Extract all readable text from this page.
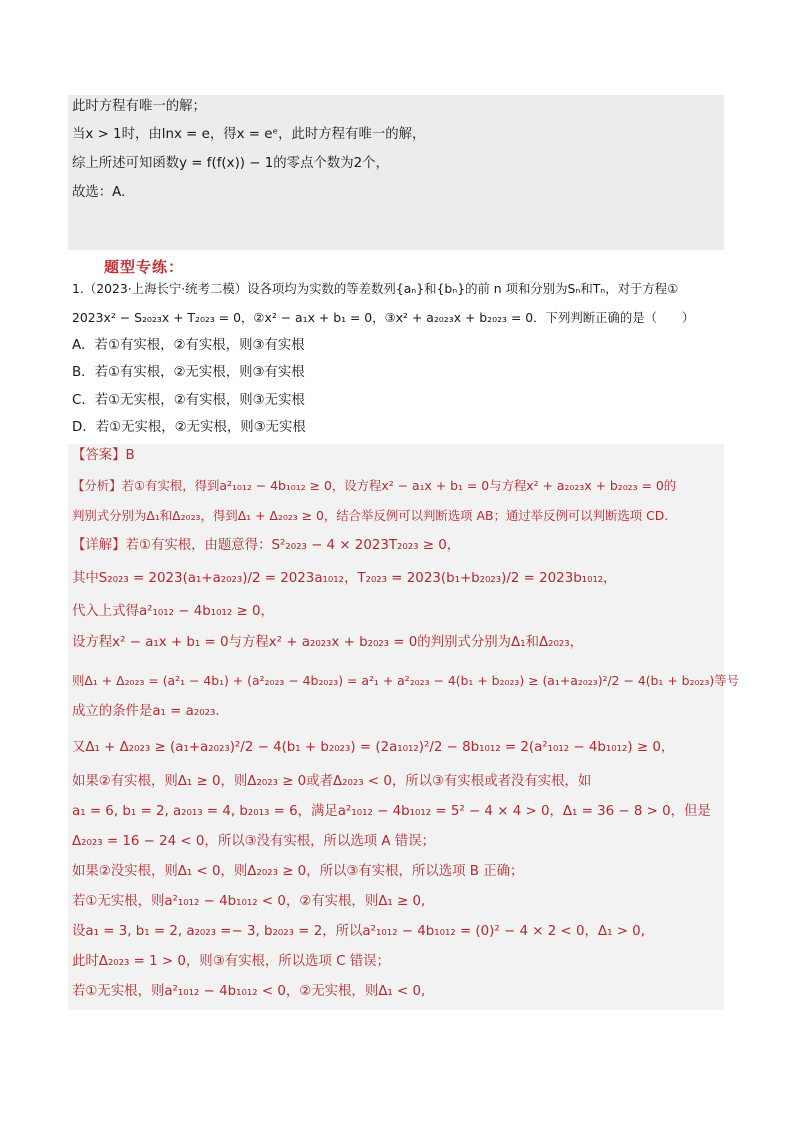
此时方程有唯一的解；
当x > 1时，由lnx = e，得x = eᵉ，此时方程有唯一的解，
综上所述可知函数y = f(f(x)) − 1的零点个数为2个，
故选：A.
题型专练：
1.（2023·上海长宁·统考二模）设各项均为实数的等差数列{aₙ}和{bₙ}的前 n 项和分别为Sₙ和Tₙ，对于方程①
2023x² − S₂₀₂₃x + T₂₀₂₃ = 0，②x² − a₁x + b₁ = 0，③x² + a₂₀₂₃x + b₂₀₂₃ = 0．下列判断正确的是（　　）
A．若①有实根，②有实根，则③有实根
B．若①有实根，②无实根，则③有实根
C．若①无实根，②有实根，则③无实根
D．若①无实根，②无实根，则③无实根
【答案】B
【分析】若①有实根，得到a²₁₀₁₂ − 4b₁₀₁₂ ≥ 0，设方程x² − a₁x + b₁ = 0与方程x² + a₂₀₂₃x + b₂₀₂₃ = 0的
判别式分别为Δ₁和Δ₂₀₂₃，得到Δ₁ + Δ₂₀₂₃ ≥ 0，结合举反例可以判断选项 AB；通过举反例可以判断选项 CD.
【详解】若①有实根，由题意得：S²₂₀₂₃ − 4 × 2023T₂₀₂₃ ≥ 0，
其中S₂₀₂₃ = 2023(a₁+a₂₀₂₃)/2 = 2023a₁₀₁₂，T₂₀₂₃ = 2023(b₁+b₂₀₂₃)/2 = 2023b₁₀₁₂，
代入上式得a²₁₀₁₂ − 4b₁₀₁₂ ≥ 0，
设方程x² − a₁x + b₁ = 0与方程x² + a₂₀₂₃x + b₂₀₂₃ = 0的判别式分别为Δ₁和Δ₂₀₂₃，
则Δ₁ + Δ₂₀₂₃ = (a²₁ − 4b₁) + (a²₂₀₂₃ − 4b₂₀₂₃) = a²₁ + a²₂₀₂₃ − 4(b₁ + b₂₀₂₃) ≥ (a₁+a₂₀₂₃)²/2 − 4(b₁ + b₂₀₂₃)等号
成立的条件是a₁ = a₂₀₂₃.
又Δ₁ + Δ₂₀₂₃ ≥ (a₁+a₂₀₂₃)²/2 − 4(b₁ + b₂₀₂₃) = (2a₁₀₁₂)²/2 − 8b₁₀₁₂ = 2(a²₁₀₁₂ − 4b₁₀₁₂) ≥ 0，
如果②有实根，则Δ₁ ≥ 0，则Δ₂₀₂₃ ≥ 0或者Δ₂₀₂₃ < 0，所以③有实根或者没有实根，如
a₁ = 6, b₁ = 2, a₂₀₁₃ = 4, b₂₀₁₃ = 6，满足a²₁₀₁₂ − 4b₁₀₁₂ = 5² − 4 × 4 > 0，Δ₁ = 36 − 8 > 0，但是
Δ₂₀₂₃ = 16 − 24 < 0，所以③没有实根，所以选项 A 错误；
如果②没实根，则Δ₁ < 0，则Δ₂₀₂₃ ≥ 0，所以③有实根，所以选项 B 正确；
若①无实根，则a²₁₀₁₂ − 4b₁₀₁₂ < 0，②有实根，则Δ₁ ≥ 0,
设a₁ = 3, b₁ = 2, a₂₀₂₃ =− 3, b₂₀₂₃ = 2，所以a²₁₀₁₂ − 4b₁₀₁₂ = (0)² − 4 × 2 < 0，Δ₁ > 0,
此时Δ₂₀₂₃ = 1 > 0，则③有实根，所以选项 C 错误；
若①无实根，则a²₁₀₁₂ − 4b₁₀₁₂ < 0，②无实根，则Δ₁ < 0,
